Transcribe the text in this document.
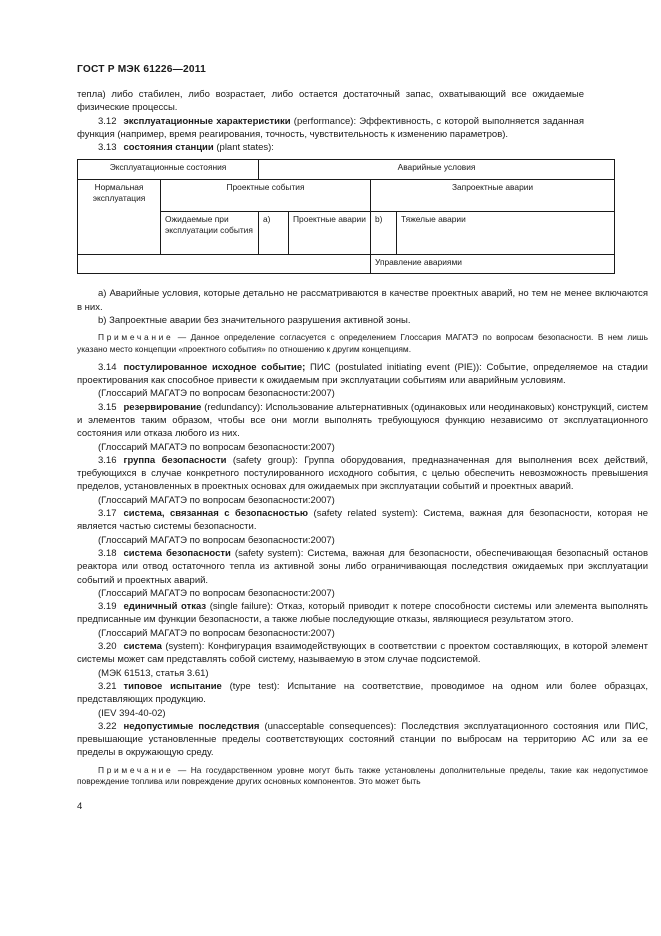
ГОСТ Р МЭК 61226—2011

тепла) либо стабилен, либо возрастает, либо остается достаточный запас, охватывающий все ожидаемые физические процессы.

3.12 эксплуатационные характеристики (performance): Эффективность, с которой выполняется заданная функция (например, время реагирования, точность, чувствительность к изменению параметров).

3.13 состояния станции (plant states):

Эксплуатационные состояния		Аварийные условия			
Нормальная эксплуатация	Проектные события			Запроектные аварии	
	Ожидаемые при эксплуатации события	a)	Проектные аварии	b)	Тяжелые аварии
				Управление авариями	

a) Аварийные условия, которые детально не рассматриваются в качестве проектных аварий, но тем не менее включаются в них.

b) Запроектные аварии без значительного разрушения активной зоны.

Примечание — Данное определение согласуется с определением Глоссария МАГАТЭ по вопросам безопасности. В нем лишь указано место концепции «проектного события» по отношению к другим концепциям.

3.14 постулированное исходное событие; ПИС (postulated initiating event (PIE)): Событие, определяемое на стадии проектирования как способное привести к ожидаемым при эксплуатации событиям или аварийным условиям.

(Глоссарий МАГАТЭ по вопросам безопасности:2007)

3.15 резервирование (redundancy): Использование альтернативных (одинаковых или неодинаковых) конструкций, систем и элементов таким образом, чтобы все они могли выполнять требующуюся функцию независимо от эксплуатационного состояния или отказа любого из них.

(Глоссарий МАГАТЭ по вопросам безопасности:2007)

3.16 группа безопасности (safety group): Группа оборудования, предназначенная для выполнения всех действий, требующихся в случае конкретного постулированного исходного события, с целью обеспечить невозможность превышения пределов, установленных в проектных основах для ожидаемых при эксплуатации событий и проектных аварий.

(Глоссарий МАГАТЭ по вопросам безопасности:2007)

3.17 система, связанная с безопасностью (safety related system): Система, важная для безопасности, которая не является частью системы безопасности.

(Глоссарий МАГАТЭ по вопросам безопасности:2007)

3.18 система безопасности (safety system): Система, важная для безопасности, обеспечивающая безопасный останов реактора или отвод остаточного тепла из активной зоны либо ограничивающая последствия ожидаемых при эксплуатации событий и проектных аварий.

(Глоссарий МАГАТЭ по вопросам безопасности:2007)

3.19 единичный отказ (single failure): Отказ, который приводит к потере способности системы или элемента выполнять предписанные им функции безопасности, а также любые последующие отказы, являющиеся результатом этого.

(Глоссарий МАГАТЭ по вопросам безопасности:2007)

3.20 система (system): Конфигурация взаимодействующих в соответствии с проектом составляющих, в которой элемент системы может сам представлять собой систему, называемую в этом случае подсистемой.

(МЭК 61513, статья 3.61)

3.21 типовое испытание (type test): Испытание на соответствие, проводимое на одном или более образцах, представляющих продукцию.

(IEV 394-40-02)

3.22 недопустимые последствия (unacceptable consequences): Последствия эксплуатационного состояния или ПИС, превышающие установленные пределы соответствующих состояний станции по выбросам на территорию АС или за ее пределы в окружающую среду.

Примечание — На государственном уровне могут быть также установлены дополнительные пределы, такие как недопустимое повреждение топлива или повреждение других основных компонентов. Это может быть

4
